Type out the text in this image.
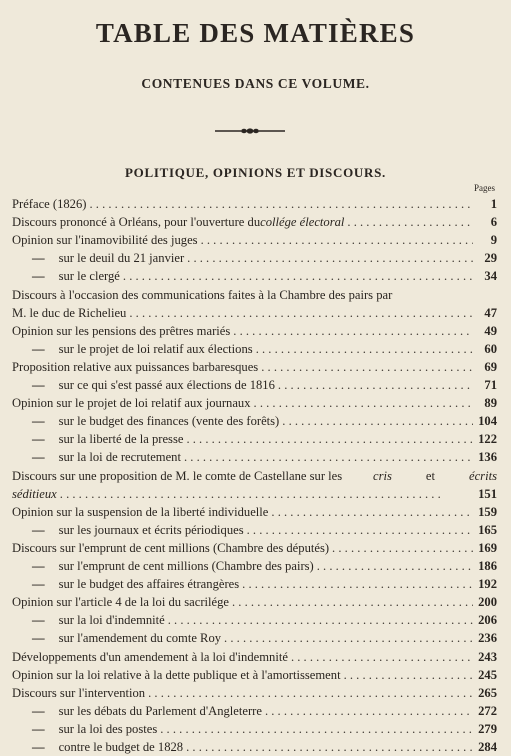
TABLE DES MATIÈRES
CONTENUES DANS CE VOLUME.
POLITIQUE, OPINIONS ET DISCOURS.
Pages
Préface (1826) . . .	1
Discours prononcé à Orléans, pour l'ouverture du collége électoral . . .	6
Opinion sur l'inamovibilité des juges . . .	9
— sur le deuil du 21 janvier . . .	29
— sur le clergé . . .	34
Discours à l'occasion des communications faites à la Chambre des pairs par
M. le duc de Richelieu . . .	47
Opinion sur les pensions des prêtres mariés . . .	49
— sur le projet de loi relatif aux élections . . .	60
Proposition relative aux puissances barbaresques . . .	69
— sur ce qui s'est passé aux élections de 1816 . . .	71
Opinion sur le projet de loi relatif aux journaux . . .	89
— sur le budget des finances (vente des forêts) . . .	104
— sur la liberté de la presse . . .	122
— sur la loi de recrutement . . .	136
Discours sur une proposition de M. le comte de Castellane sur les cris et écrits
séditieux . . .	151
Opinion sur la suspension de la liberté individuelle . . .	159
— sur les journaux et écrits périodiques . . .	165
Discours sur l'emprunt de cent millions (Chambre des députés) . . .	169
— sur l'emprunt de cent millions (Chambre des pairs) . . .	186
— sur le budget des affaires étrangères . . .	192
Opinion sur l'article 4 de la loi du sacrilége . . .	200
— sur la loi d'indemnité . . .	206
— sur l'amendement du comte Roy . . .	236
Développements d'un amendement à la loi d'indemnité . . .	243
Opinion sur la loi relative à la dette publique et à l'amortissement . . .	245
Discours sur l'intervention . . .	265
— sur les débats du Parlement d'Angleterre . . .	272
— sur la loi des postes . . .	279
— contre le budget de 1828 . . .	284
